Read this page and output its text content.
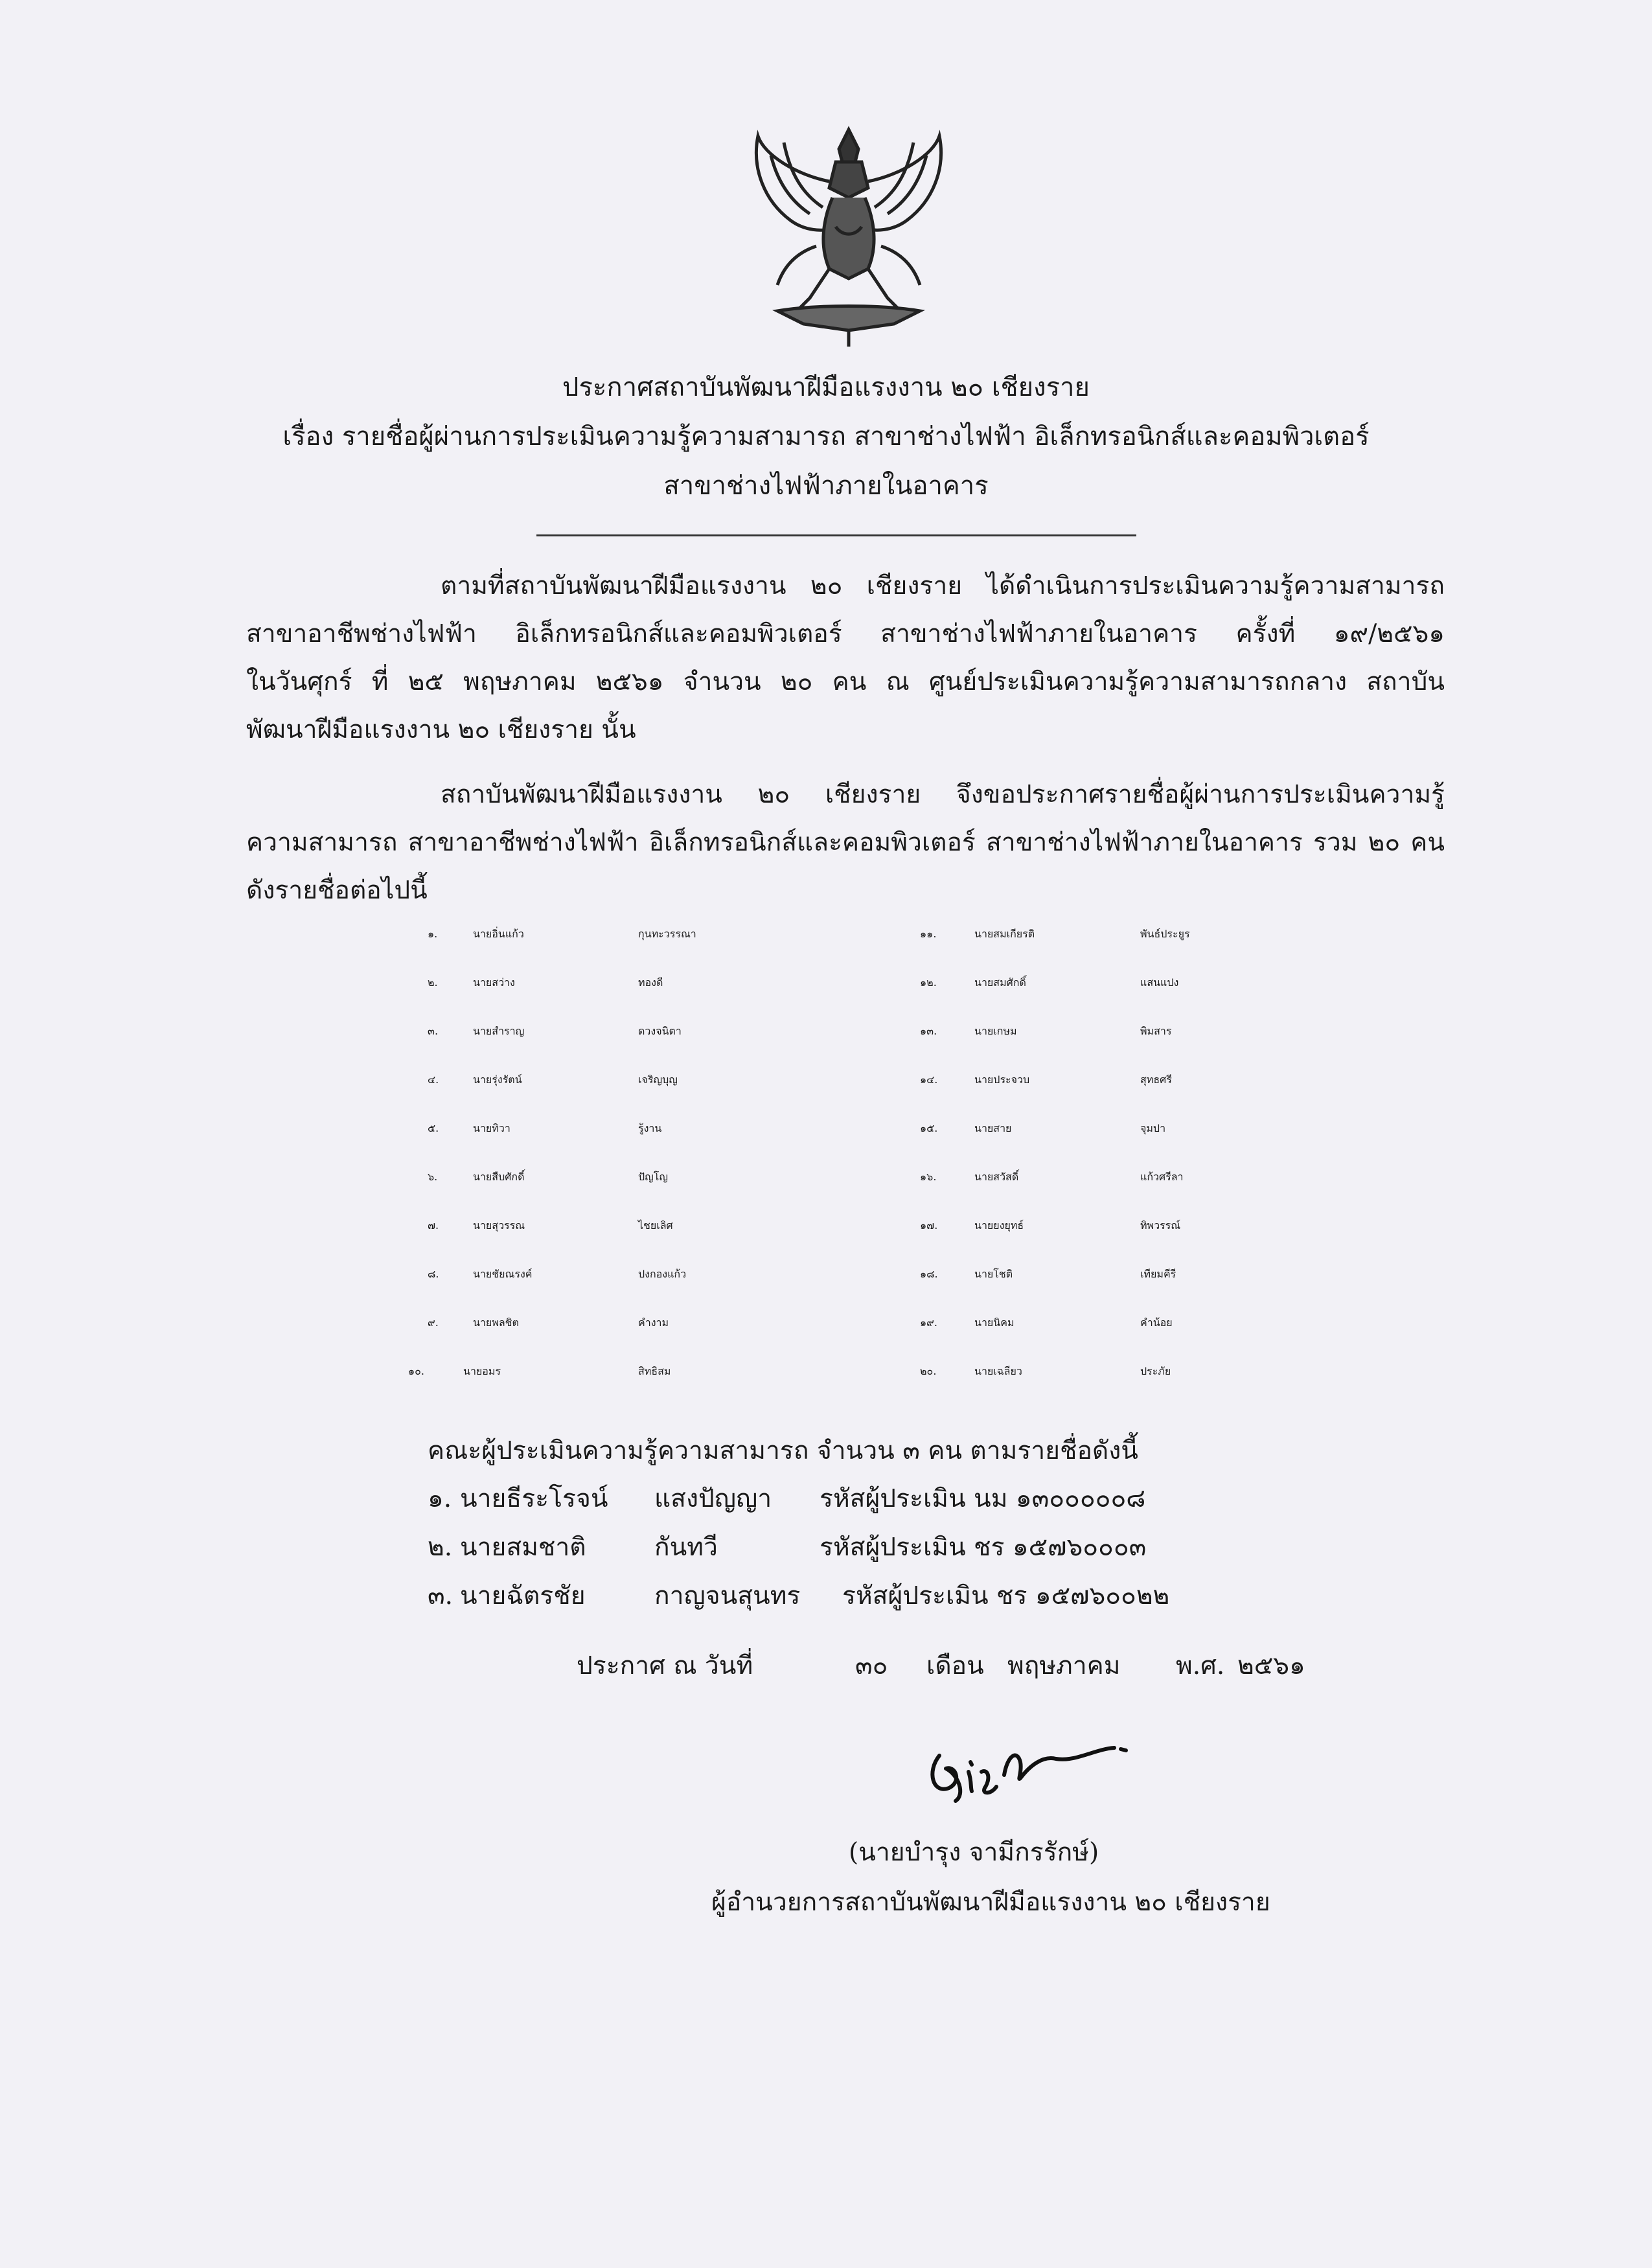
ประกาศสถาบันพัฒนาฝีมือแรงงาน ๒๐ เชียงราย
เรื่อง รายชื่อผู้ผ่านการประเมินความรู้ความสามารถ สาขาช่างไฟฟ้า อิเล็กทรอนิกส์และคอมพิวเตอร์
สาขาช่างไฟฟ้าภายในอาคาร
ตามที่สถาบันพัฒนาฝีมือแรงงาน ๒๐ เชียงราย ได้ดำเนินการประเมินความรู้ความสามารถ
สาขาอาชีพช่างไฟฟ้า อิเล็กทรอนิกส์และคอมพิวเตอร์ สาขาช่างไฟฟ้าภายในอาคาร ครั้งที่ ๑๙/๒๕๖๑
ในวันศุกร์ ที่ ๒๕ พฤษภาคม ๒๕๖๑ จำนวน ๒๐ คน ณ ศูนย์ประเมินความรู้ความสามารถกลาง สถาบัน
พัฒนาฝีมือแรงงาน ๒๐ เชียงราย นั้น
สถาบันพัฒนาฝีมือแรงงาน ๒๐ เชียงราย จึงขอประกาศรายชื่อผู้ผ่านการประเมินความรู้
ความสามารถ สาขาอาชีพช่างไฟฟ้า อิเล็กทรอนิกส์และคอมพิวเตอร์ สาขาช่างไฟฟ้าภายในอาคาร รวม ๒๐ คน
ดังรายชื่อต่อไปนี้
๑.	นายอิ่นแก้ว	กุนทะวรรณา
๒.	นายสว่าง	ทองดี
๓.	นายสำราญ	ดวงจนิตา
๔.	นายรุ่งรัตน์	เจริญบุญ
๕.	นายทิวา	รู้งาน
๖.	นายสืบศักดิ์	ปัญโญ
๗.	นายสุวรรณ	ไชยเลิศ
๘.	นายชัยณรงค์	ปงกองแก้ว
๙.	นายพลชิต	คำงาม
๑๐.	นายอมร	สิทธิสม
๑๑.	นายสมเกียรติ	พันธ์ประยูร
๑๒.	นายสมศักดิ์	แสนแปง
๑๓.	นายเกษม	พิมสาร
๑๔.	นายประจวบ	สุทธศรี
๑๕.	นายสาย	จุมปา
๑๖.	นายสวัสดิ์	แก้วศรีลา
๑๗.	นายยงยุทธ์	ทิพวรรณ์
๑๘.	นายโชติ	เทียมคีรี
๑๙.	นายนิคม	คำน้อย
๒๐.	นายเฉลียว	ประภัย
คณะผู้ประเมินความรู้ความสามารถ จำนวน ๓ คน ตามรายชื่อดังนี้
๑. นายธีระโรจน์ แสงปัญญา รหัสผู้ประเมิน นม ๑๓๐๐๐๐๐๘
๒. นายสมชาติ	กันทวี	รหัสผู้ประเมิน ชร ๑๕๗๖๐๐๐๓
๓. นายฉัตรชัย	กาญจนสุนทร รหัสผู้ประเมิน ชร ๑๕๗๖๐๐๒๒
ประกาศ ณ วันที่	๓๐ เดือน พฤษภาคม พ.ศ. ๒๕๖๑
(นายบำรุง จามีกรรักษ์)
ผู้อำนวยการสถาบันพัฒนาฝีมือแรงงาน ๒๐ เชียงราย
